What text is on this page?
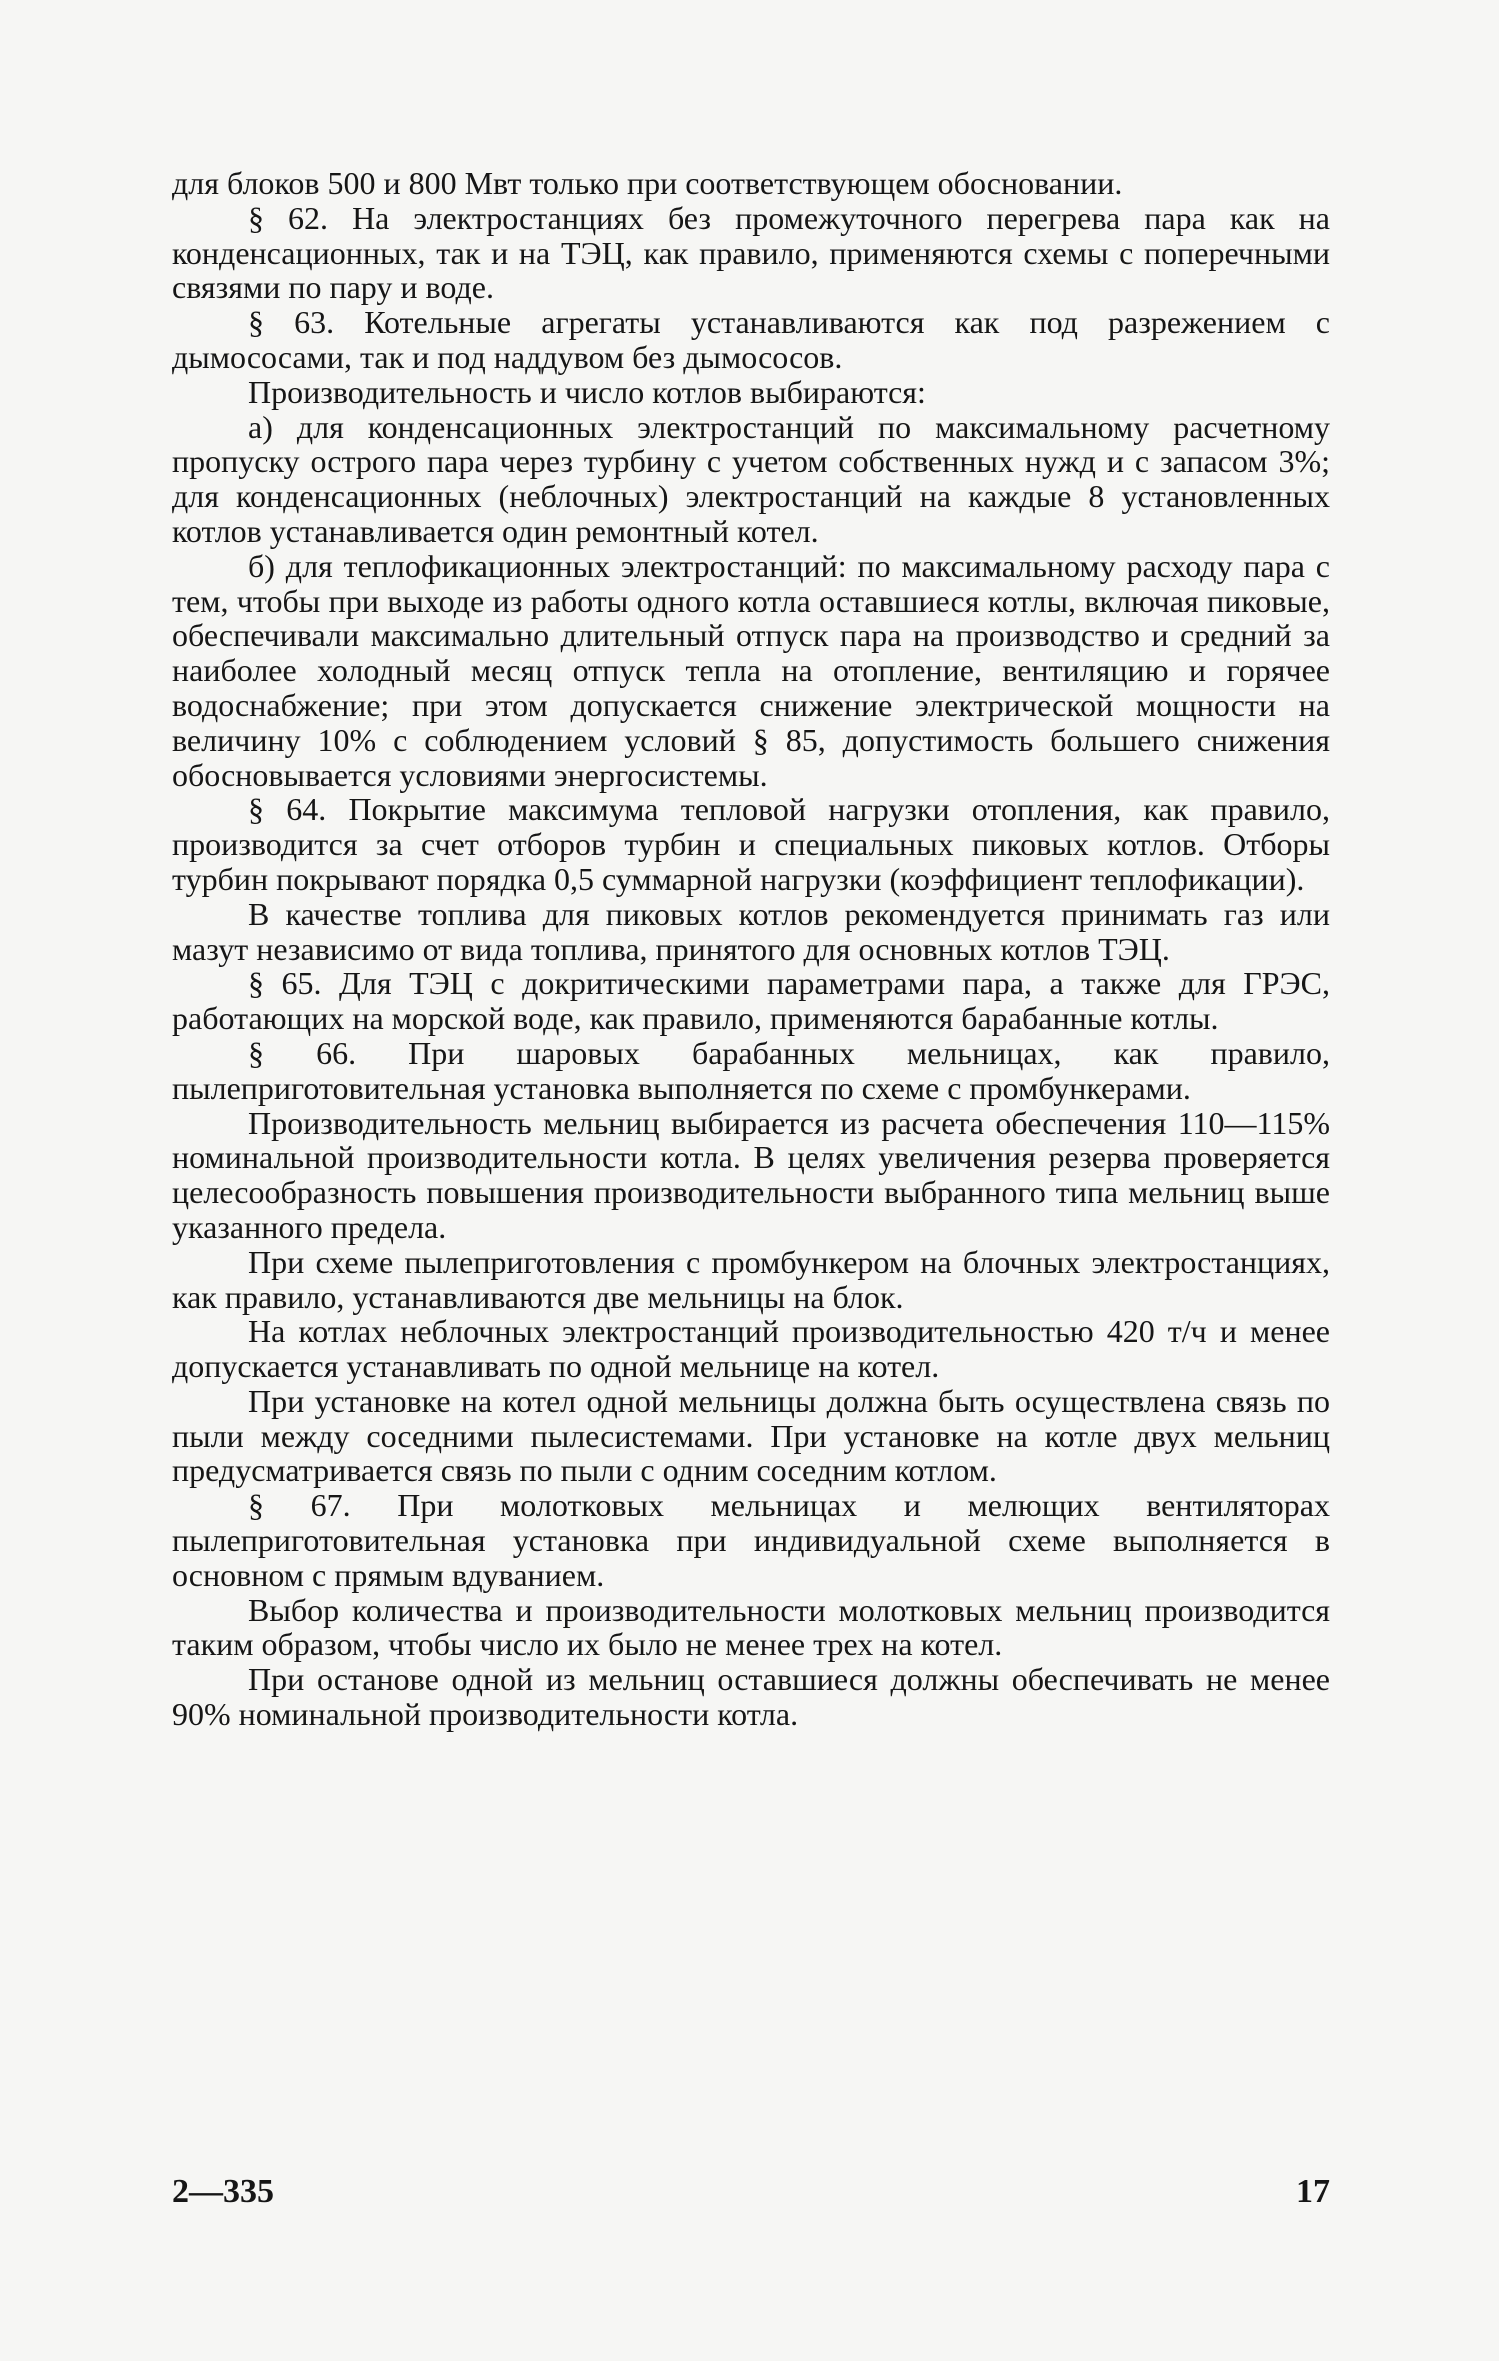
для блоков 500 и 800 Мвт только при соответствующем обосновании.

§ 62. На электростанциях без промежуточного перегрева пара как на конденсационных, так и на ТЭЦ, как правило, применяются схемы с поперечными связями по пару и воде.

§ 63. Котельные агрегаты устанавливаются как под разрежением с дымососами, так и под наддувом без дымососов.

Производительность и число котлов выбираются:

а) для конденсационных электростанций по максимальному расчетному пропуску острого пара через турбину с учетом собственных нужд и с запасом 3%; для конденсационных (неблочных) электростанций на каждые 8 установленных котлов устанавливается один ремонтный котел.

б) для теплофикационных электростанций: по максимальному расходу пара с тем, чтобы при выходе из работы одного котла оставшиеся котлы, включая пиковые, обеспечивали максимально длительный отпуск пара на производство и средний за наиболее холодный месяц отпуск тепла на отопление, вентиляцию и горячее водоснабжение; при этом допускается снижение электрической мощности на величину 10% с соблюдением условий § 85, допустимость большего снижения обосновывается условиями энергосистемы.

§ 64. Покрытие максимума тепловой нагрузки отопления, как правило, производится за счет отборов турбин и специальных пиковых котлов. Отборы турбин покрывают порядка 0,5 суммарной нагрузки (коэффициент теплофикации).

В качестве топлива для пиковых котлов рекомендуется принимать газ или мазут независимо от вида топлива, принятого для основных котлов ТЭЦ.

§ 65. Для ТЭЦ с докритическими параметрами пара, а также для ГРЭС, работающих на морской воде, как правило, применяются барабанные котлы.

§ 66. При шаровых барабанных мельницах, как правило, пылеприготовительная установка выполняется по схеме с промбункерами.

Производительность мельниц выбирается из расчета обеспечения 110—115% номинальной производительности котла. В целях увеличения резерва проверяется целесообразность повышения производительности выбранного типа мельниц выше указанного предела.

При схеме пылеприготовления с промбункером на блочных электростанциях, как правило, устанавливаются две мельницы на блок.

На котлах неблочных электростанций производительностью 420 т/ч и менее допускается устанавливать по одной мельнице на котел.

При установке на котел одной мельницы должна быть осуществлена связь по пыли между соседними пылесистемами. При установке на котле двух мельниц предусматривается связь по пыли с одним соседним котлом.

§ 67. При молотковых мельницах и мелющих вентиляторах пылеприготовительная установка при индивидуальной схеме выполняется в основном с прямым вдуванием.

Выбор количества и производительности молотковых мельниц производится таким образом, чтобы число их было не менее трех на котел.

При останове одной из мельниц оставшиеся должны обеспечивать не менее 90% номинальной производительности котла.

2—335	17
